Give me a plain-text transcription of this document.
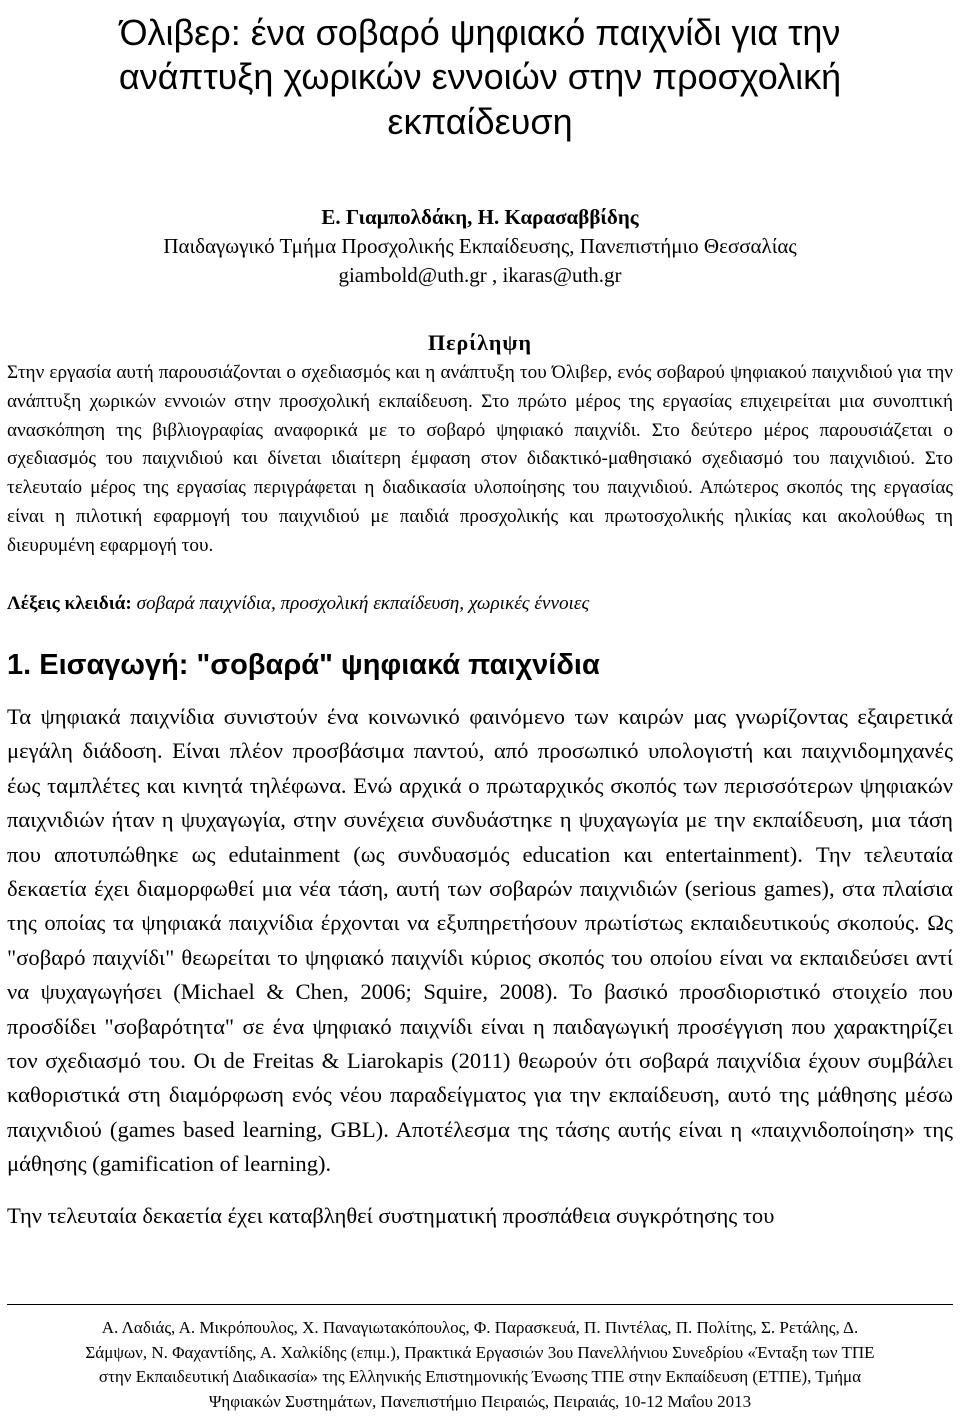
Όλιβερ: ένα σοβαρό ψηφιακό παιχνίδι για την
ανάπτυξη χωρικών εννοιών στην προσχολική
εκπαίδευση
Ε. Γιαμπολδάκη, Η. Καρασαββίδης
Παιδαγωγικό Τμήμα Προσχολικής Εκπαίδευσης, Πανεπιστήμιο Θεσσαλίας
giambold@uth.gr , ikaras@uth.gr
Περίληψη

Στην εργασία αυτή παρουσιάζονται ο σχεδιασμός και η ανάπτυξη του Όλιβερ, ενός σοβαρού ψηφιακού παιχνιδιού για την ανάπτυξη χωρικών εννοιών στην προσχολική εκπαίδευση. Στο πρώτο μέρος της εργασίας επιχειρείται μια συνοπτική ανασκόπηση της βιβλιογραφίας αναφορικά με το σοβαρό ψηφιακό παιχνίδι. Στο δεύτερο μέρος παρουσιάζεται ο σχεδιασμός του παιχνιδιού και δίνεται ιδιαίτερη έμφαση στον διδακτικό-μαθησιακό σχεδιασμό του παιχνιδιού. Στο τελευταίο μέρος της εργασίας περιγράφεται η διαδικασία υλοποίησης του παιχνιδιού. Απώτερος σκοπός της εργασίας είναι η πιλοτική εφαρμογή του παιχνιδιού με παιδιά προσχολικής και πρωτοσχολικής ηλικίας και ακολούθως τη διευρυμένη εφαρμογή του.

Λέξεις κλειδιά: σοβαρά παιχνίδια, προσχολική εκπαίδευση, χωρικές έννοιες
1. Εισαγωγή: "σοβαρά" ψηφιακά παιχνίδια

Τα ψηφιακά παιχνίδια συνιστούν ένα κοινωνικό φαινόμενο των καιρών μας γνωρίζοντας εξαιρετικά μεγάλη διάδοση. Είναι πλέον προσβάσιμα παντού, από προσωπικό υπολογιστή και παιχνιδομηχανές έως ταμπλέτες και κινητά τηλέφωνα. Ενώ αρχικά ο πρωταρχικός σκοπός των περισσότερων ψηφιακών παιχνιδιών ήταν η ψυχαγωγία, στην συνέχεια συνδυάστηκε η ψυχαγωγία με την εκπαίδευση, μια τάση που αποτυπώθηκε ως edutainment (ως συνδυασμός education και entertainment). Την τελευταία δεκαετία έχει διαμορφωθεί μια νέα τάση, αυτή των σοβαρών παιχνιδιών (serious games), στα πλαίσια της οποίας τα ψηφιακά παιχνίδια έρχονται να εξυπηρετήσουν πρωτίστως εκπαιδευτικούς σκοπούς. Ως "σοβαρό παιχνίδι" θεωρείται το ψηφιακό παιχνίδι κύριος σκοπός του οποίου είναι να εκπαιδεύσει αντί να ψυχαγωγήσει (Michael & Chen, 2006; Squire, 2008). Το βασικό προσδιοριστικό στοιχείο που προσδίδει "σοβαρότητα" σε ένα ψηφιακό παιχνίδι είναι η παιδαγωγική προσέγγιση που χαρακτηρίζει τον σχεδιασμό του. Οι de Freitas & Liarokapis (2011) θεωρούν ότι σοβαρά παιχνίδια έχουν συμβάλει καθοριστικά στη διαμόρφωση ενός νέου παραδείγματος για την εκπαίδευση, αυτό της μάθησης μέσω παιχνιδιού (games based learning, GBL). Αποτέλεσμα της τάσης αυτής είναι η «παιχνιδοποίηση» της μάθησης (gamification of learning).

Την τελευταία δεκαετία έχει καταβληθεί συστηματική προσπάθεια συγκρότησης του

Α. Λαδιάς, Α. Μικρόπουλος, Χ. Παναγιωτακόπουλος, Φ. Παρασκευά, Π. Πιντέλας, Π. Πολίτης, Σ. Ρετάλης, Δ.

Σάμψων, Ν. Φαχαντίδης, Α. Χαλκίδης (επιμ.), Πρακτικά Εργασιών 3ου Πανελλήνιου Συνεδρίου «Ένταξη των ΤΠΕ

στην Εκπαιδευτική Διαδικασία» της Ελληνικής Επιστημονικής Ένωσης ΤΠΕ στην Εκπαίδευση (ΕΤΠΕ), Τμήμα

Ψηφιακών Συστημάτων, Πανεπιστήμιο Πειραιώς, Πειραιάς, 10-12 Μαΐου 2013
